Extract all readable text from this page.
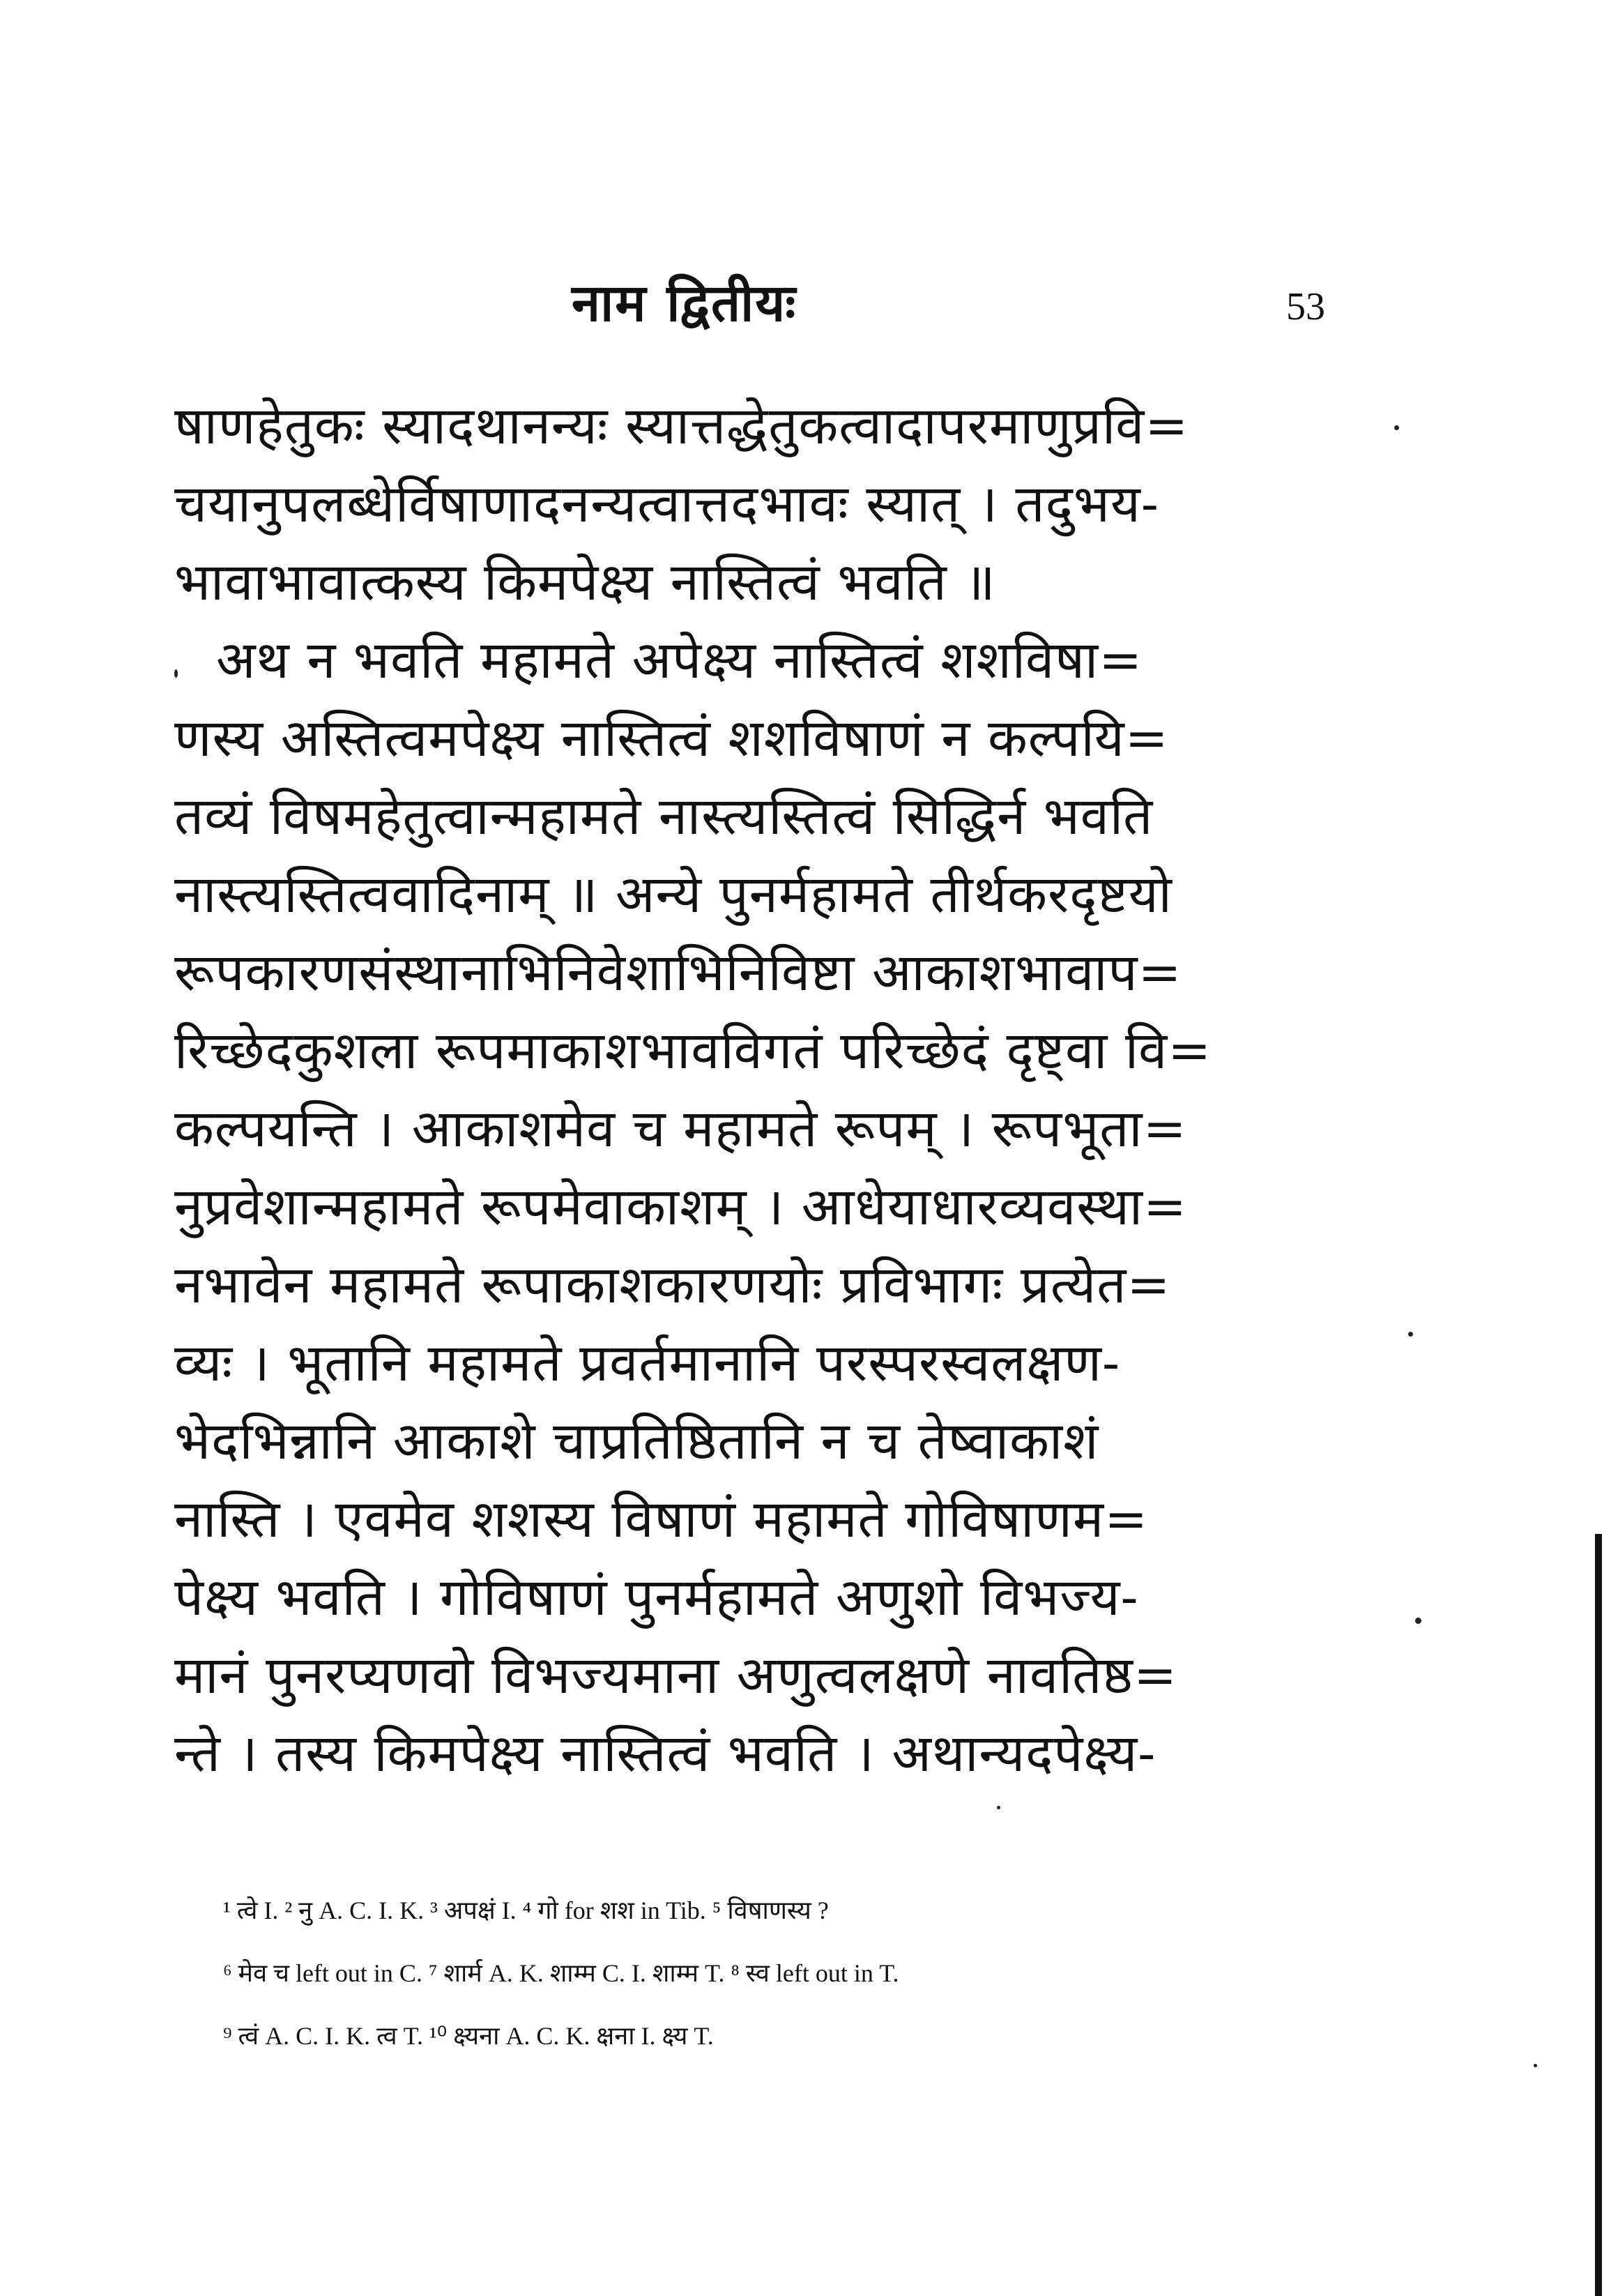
नाम द्वितीयः	53
षाणहेतुकः स्यादथानन्यः स्यात्तद्धेतुकत्वादापरमाणुप्रवि=
चयानुपलब्धेर्विषाणादनन्यत्वात्तदभावः स्यात् । तदुभय-
भावाभावात्कस्य किमपेक्ष्य नास्तित्वं भवति ॥
अथ न भवति महामते अपेक्ष्य नास्तित्वं शशविषा=
णस्य अस्तित्वमपेक्ष्य नास्तित्वं शशविषाणं न कल्पयि=
तव्यं विषमहेतुत्वान्महामते नास्त्यस्तित्वं सिद्धिर्न भवति
नास्त्यस्तित्ववादिनाम् ॥ अन्ये पुनर्महामते तीर्थकरदृष्टयो
रूपकारणसंस्थानाभिनिवेशाभिनिविष्टा आकाशभावाप=
रिच्छेदकुशला रूपमाकाशभावविगतं परिच्छेदं दृष्ट्वा वि=
कल्पयन्ति । आकाशमेव च महामते रूपम् । रूपभूता=
नुप्रवेशान्महामते रूपमेवाकाशम् । आधेयाधारव्यवस्था=
नभावेन महामते रूपाकाशकारणयोः प्रविभागः प्रत्येत=
व्यः । भूतानि महामते प्रवर्तमानानि परस्परस्वलक्षण-
भेदभिन्नानि आकाशे चाप्रतिष्ठितानि न च तेष्वाकाशं
नास्ति । एवमेव शशस्य विषाणं महामते गोविषाणम=
पेक्ष्य भवति । गोविषाणं पुनर्महामते अणुशो विभज्य-
मानं पुनरप्यणवो विभज्यमाना अणुत्वलक्षणे नावतिष्ठ=
न्ते । तस्य किमपेक्ष्य नास्तित्वं भवति । अथान्यदपेक्ष्य-
¹ त्वे I. ² नु A. C. I. K. ³ अपक्षं I. ⁴ गो for शश in Tib. ⁵ विषाणस्य ?
⁶ मेव च left out in C. ⁷ शार्म A. K. शाम्म C. I. शाम्म T. ⁸ स्व left out in T.
⁹ त्वं A. C. I. K. त्व T. ¹⁰ क्ष्यना A. C. K. क्षना I. क्ष्य T.
